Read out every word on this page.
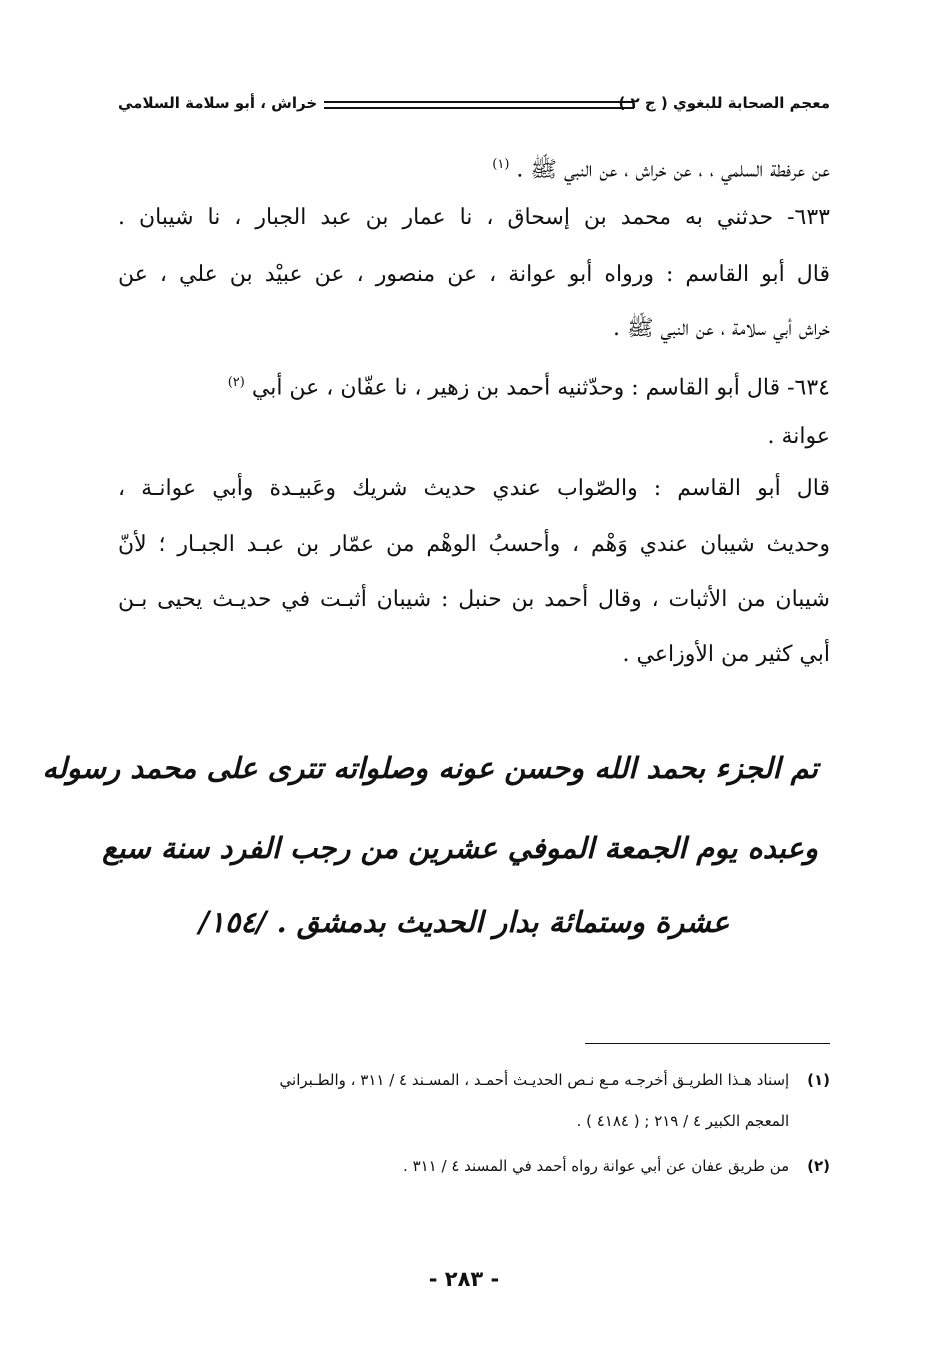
خراش ، أبو سلامة السلامي	معجم الصحابة للبغوي ( ج ٢ )
عن عرفطة السلمي ، ، عن خراش ، عن النبي ﷺ . $^{(١)}$
٦٣٣- حدثني به محمد بن إسحاق ، نا عمار بن عبد الجبار ، نا شيبان .
قال أبو القاسم : ورواه أبو عوانة ، عن منصور ، عن عبيْد بن علي ، عن
خراش أبي سلامة ، عن النبي ﷺ .
٦٣٤- قال أبو القاسم : وحدّثنيه أحمد بن زهير ، نا عفّان ، عن أبي $^{(٢)}$
عوانة .
قال أبو القاسم : والصّواب عندي حديث شريك وعَبيـدة وأبي عوانـة ،
وحديث شيبان عندي وَهْم ، وأحسبُ الوهْم من عمّار بن عبـد الجبـار ؛ لأنّ
شيبان من الأثبات ، وقال أحمد بن حنبل : شيبان أثبـت في حديـث يحيى بـن
أبي كثير من الأوزاعي .
تم الجزء بحمد الله وحسن عونه وصلواته تترى على محمد رسوله
وعبده يوم الجمعة الموفي عشرين من رجب الفرد سنة سبع
عشرة وستمائة بدار الحديث بدمشق . /١٥٤/
(١) إسناد هـذا الطريـق أخرجـه مـع نـص الحديـث أحمـد ، المسـند ٤ / ٣١١ ، والطـبراني
المعجم الكبير ٤ / ٢١٩ ; ( ٤١٨٤ ) .
(٢) من طريق عفان عن أبي عوانة رواه أحمد في المسند ٤ / ٣١١ .
- ٢٨٣ -
